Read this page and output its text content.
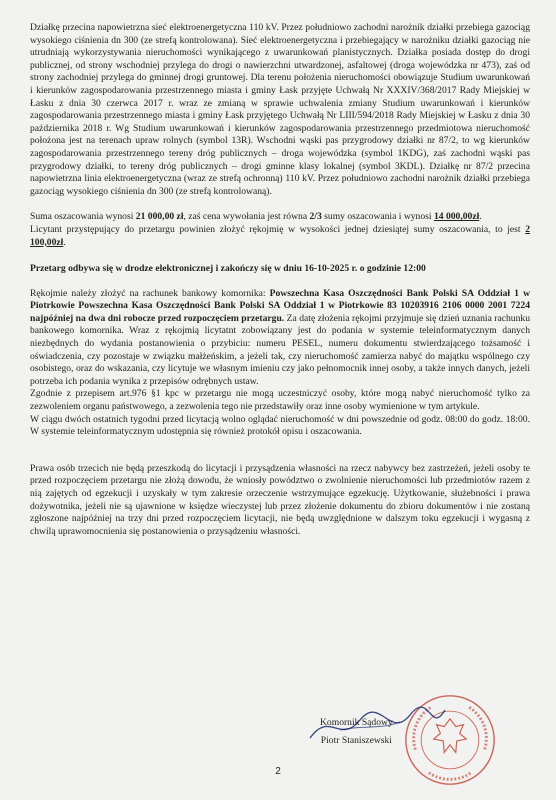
Działkę przecina napowietrzna sieć elektroenergetyczna 110 kV. Przez południowo zachodni narożnik działki przebiega gazociąg wysokiego ciśnienia dn 300 (ze strefą kontrolowana). Sieć elektroenergetyczna i przebiegający w narożniku działki gazociąg nie utrudniają wykorzystywania nieruchomości wynikającego z uwarunkowań planistycznych. Działka posiada dostęp do drogi publicznej, od strony wschodniej przylega do drogi o nawierzchni utwardzonej, asfaltowej (droga wojewódzka nr 473), zaś od strony zachodniej przylega do gminnej drogi gruntowej. Dla terenu położenia nieruchomości obowiązuje Studium uwarunkowań i kierunków zagospodarowania przestrzennego miasta i gminy Łask przyjęte Uchwałą Nr XXXIV/368/2017 Rady Miejskiej w Łasku z dnia 30 czerwca 2017 r. wraz ze zmianą w sprawie uchwalenia zmiany Studium uwarunkowań i kierunków zagospodarowania przestrzennego miasta i gminy Łask przyjętego Uchwałą Nr LIII/594/2018 Rady Miejskiej w Łasku z dnia 30 października 2018 r. Wg Studium uwarunkowań i kierunków zagospodarowania przestrzennego przedmiotowa nieruchomość położona jest na terenach upraw rolnych (symbol 13R). Wschodni wąski pas przygrodowy działki nr 87/2, to wg kierunków zagospodarowania przestrzennego tereny dróg publicznych – droga wojewódzka (symbol 1KDG), zaś zachodni wąski pas przygrodowy działki, to tereny dróg publicznych – drogi gminne klasy lokalnej (symbol 3KDL). Działkę nr 87/2 przecina napowietrzna linia elektroenergetyczna (wraz ze strefą ochronną) 110 kV. Przez południowo zachodni narożnik działki przebiega gazociąg wysokiego ciśnienia dn 300 (ze strefą kontrolowaną).

Suma oszacowania wynosi 21 000,00 zł, zaś cena wywołania jest równa 2/3 sumy oszacowania i wynosi 14 000,00zł.
Licytant przystępujący do przetargu powinien złożyć rękojmię w wysokości jednej dziesiątej sumy oszacowania, to jest 2 100,00zł.

Przetarg odbywa się w drodze elektronicznej i zakończy się w dniu 16-10-2025 r. o godzinie 12:00

Rękojmie należy złożyć na rachunek bankowy komornika: Powszechna Kasa Oszczędności Bank Polski SA Oddział 1 w Piotrkowie Powszechna Kasa Oszczędności Bank Polski SA Oddział 1 w Piotrkowie 83 10203916 2106 0000 2001 7224 najpóźniej na dwa dni robocze przed rozpoczęciem przetargu. Za datę złożenia rękojmi przyjmuje się dzień uznania rachunku bankowego komornika. Wraz z rękojmią licytatnt zobowiązany jest do podania w systemie teleinformatycznym danych niezbędnych do wydania postanowienia o przybiciu: numeru PESEL, numeru dokumentu stwierdzającego tożsamość i oświadczenia, czy pozostaje w związku małżeńskim, a jeżeli tak, czy nieruchomość zamierza nabyć do majątku wspólnego czy osobistego, oraz do wskazania, czy licytuje we własnym imieniu czy jako pełnomocnik innej osoby, a także innych danych, jeżeli potrzeba ich podania wynika z przepisów odrębnych ustaw.

Zgodnie z przepisem art.976 §1 kpc w przetargu nie mogą uczestniczyć osoby, które mogą nabyć nieruchomość tylko za zezwoleniem organu państwowego, a zezwolenia tego nie przedstawiły oraz inne osoby wymienione w tym artykule.

W ciągu dwóch ostatnich tygodni przed licytacją wolno oglądać nieruchomość w dni powszednie od godz. 08:00 do godz. 18:00. W systemie teleinformatycznym udostępnia się również protokół opisu i oszacowania.

Prawa osób trzecich nie będą przeszkodą do licytacji i przysądzenia własności na rzecz nabywcy bez zastrzeżeń, jeżeli osoby te przed rozpoczęciem przetargu nie złożą dowodu, że wniosły powództwo o zwolnienie nieruchomości lub przedmiotów razem z nią zajętych od egzekucji i uzyskały w tym zakresie orzeczenie wstrzymujące egzekucję. Użytkowanie, służebności i prawa dożywotnika, jeżeli nie są ujawnione w księdze wieczystej lub przez złożenie dokumentu do zbioru dokumentów i nie zostaną zgłoszone najpóźniej na trzy dni przed rozpoczęciem licytacji, nie będą uwzględnione w dalszym toku egzekucji i wygasną z chwilą uprawomocnienia się postanowienia o przysądzeniu własności.

Komornik Sądowy
Piotr Staniszewski
2
